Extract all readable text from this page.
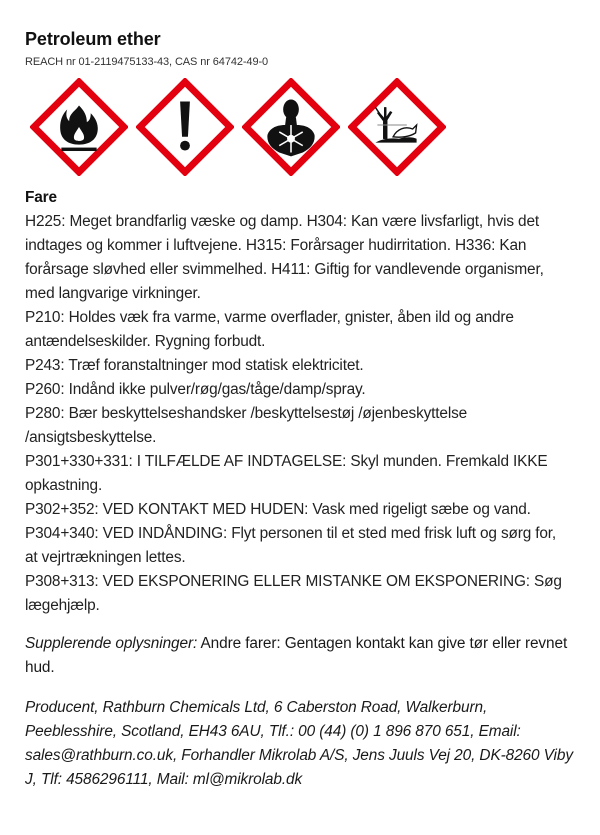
Petroleum ether
REACH nr 01-2119475133-43, CAS nr 64742-49-0
Fare
H225: Meget brandfarlig væske og damp. H304: Kan være livsfarligt, hvis det indtages og kommer i luftvejene. H315: Forårsager hudirritation. H336: Kan forårsage sløvhed eller svimmelhed. H411: Giftig for vandlevende organismer, med langvarige virkninger.
P210: Holdes væk fra varme, varme overflader, gnister, åben ild og andre antændelseskilder. Rygning forbudt.
P243: Træf foranstaltninger mod statisk elektricitet.
P260: Indånd ikke pulver/røg/gas/tåge/damp/spray.
P280: Bær beskyttelseshandsker /beskyttelsestøj /øjenbeskyttelse /ansigtsbeskyttelse.
P301+330+331: I TILFÆLDE AF INDTAGELSE: Skyl munden. Fremkald IKKE opkastning.
P302+352: VED KONTAKT MED HUDEN: Vask med rigeligt sæbe og vand.
P304+340: VED INDÅNDING: Flyt personen til et sted med frisk luft og sørg for, at vejrtrækningen lettes.
P308+313: VED EKSPONERING ELLER MISTANKE OM EKSPONERING: Søg lægehjælp.
Supplerende oplysninger: Andre farer: Gentagen kontakt kan give tør eller revnet hud.
Producent, Rathburn Chemicals Ltd, 6 Caberston Road, Walkerburn, Peeblesshire, Scotland, EH43 6AU, Tlf.: 00 (44) (0) 1 896 870 651, Email: sales@rathburn.co.uk, Forhandler Mikrolab A/S, Jens Juuls Vej 20, DK-8260 Viby J, Tlf: 4586296111, Mail: ml@mikrolab.dk
